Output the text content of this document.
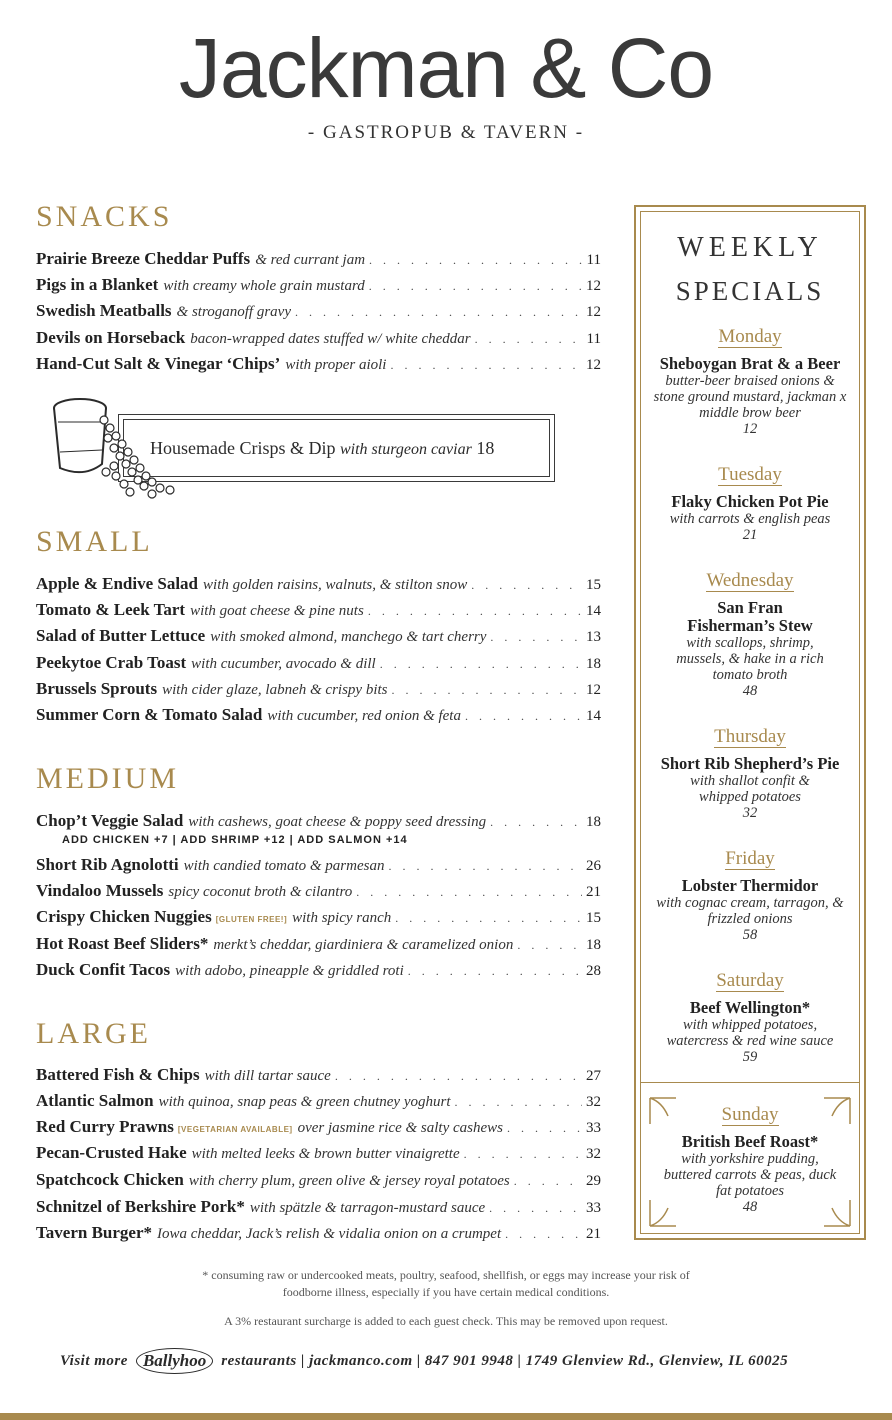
Jackman & Co
- GASTROPUB & TAVERN -
SNACKS
Prairie Breeze Cheddar Puffs & red currant jam . . .	11
Pigs in a Blanket with creamy whole grain mustard . . .	12
Swedish Meatballs & stroganoff gravy . . .	12
Devils on Horseback bacon-wrapped dates stuffed w/ white cheddar . . .	11
Hand-Cut Salt & Vinegar ‘Chips’ with proper aioli . . .	12
Housemade Crisps & Dip with sturgeon caviar 18
SMALL
Apple & Endive Salad with golden raisins, walnuts, & stilton snow . . .	15
Tomato & Leek Tart with goat cheese & pine nuts . . .	14
Salad of Butter Lettuce with smoked almond, manchego & tart cherry . . .	13
Peekytoe Crab Toast with cucumber, avocado & dill . . .	18
Brussels Sprouts with cider glaze, labneh & crispy bits . . .	12
Summer Corn & Tomato Salad with cucumber, red onion & feta . . .	14
MEDIUM
Chop’t Veggie Salad with cashews, goat cheese & poppy seed dressing . . .	18
ADD CHICKEN +7 | ADD SHRIMP +12 | ADD SALMON +14
Short Rib Agnolotti with candied tomato & parmesan . . .	26
Vindaloo Mussels spicy coconut broth & cilantro . . .	21
Crispy Chicken Nuggies [GLUTEN FREE!] with spicy ranch . . .	15
Hot Roast Beef Sliders* merkt’s cheddar, giardiniera & caramelized onion . . .	18
Duck Confit Tacos with adobo, pineapple & griddled roti . . .	28
LARGE
Battered Fish & Chips with dill tartar sauce . . .	27
Atlantic Salmon with quinoa, snap peas & green chutney yoghurt . . .	32
Red Curry Prawns [VEGETARIAN AVAILABLE] over jasmine rice & salty cashews . . .	33
Pecan-Crusted Hake with melted leeks & brown butter vinaigrette . . .	32
Spatchcock Chicken with cherry plum, green olive & jersey royal potatoes . . .	29
Schnitzel of Berkshire Pork* with spätzle & tarragon-mustard sauce . . .	33
Tavern Burger* Iowa cheddar, Jack’s relish & vidalia onion on a crumpet . . .	21
WEEKLY
SPECIALS
Monday
Sheboygan Brat & a Beer
butter-beer braised onions & stone ground mustard, jackman x middle brow beer
12
Tuesday
Flaky Chicken Pot Pie
with carrots & english peas
21
Wednesday
San Fran Fisherman’s Stew
with scallops, shrimp, mussels, & hake in a rich tomato broth
48
Thursday
Short Rib Shepherd’s Pie
with shallot confit & whipped potatoes
32
Friday
Lobster Thermidor
with cognac cream, tarragon, & frizzled onions
58
Saturday
Beef Wellington*
with whipped potatoes, watercress & red wine sauce
59
Sunday
British Beef Roast*
with yorkshire pudding, buttered carrots & peas, duck fat potatoes
48
* consuming raw or undercooked meats, poultry, seafood, shellfish, or eggs may increase your risk of
foodborne illness, especially if you have certain medical conditions.
A 3% restaurant surcharge is added to each guest check. This may be removed upon request.
Visit more Ballyhoo	restaurants | jackmanco.com | 847 901 9948 | 1749 Glenview Rd., Glenview, IL 60025
